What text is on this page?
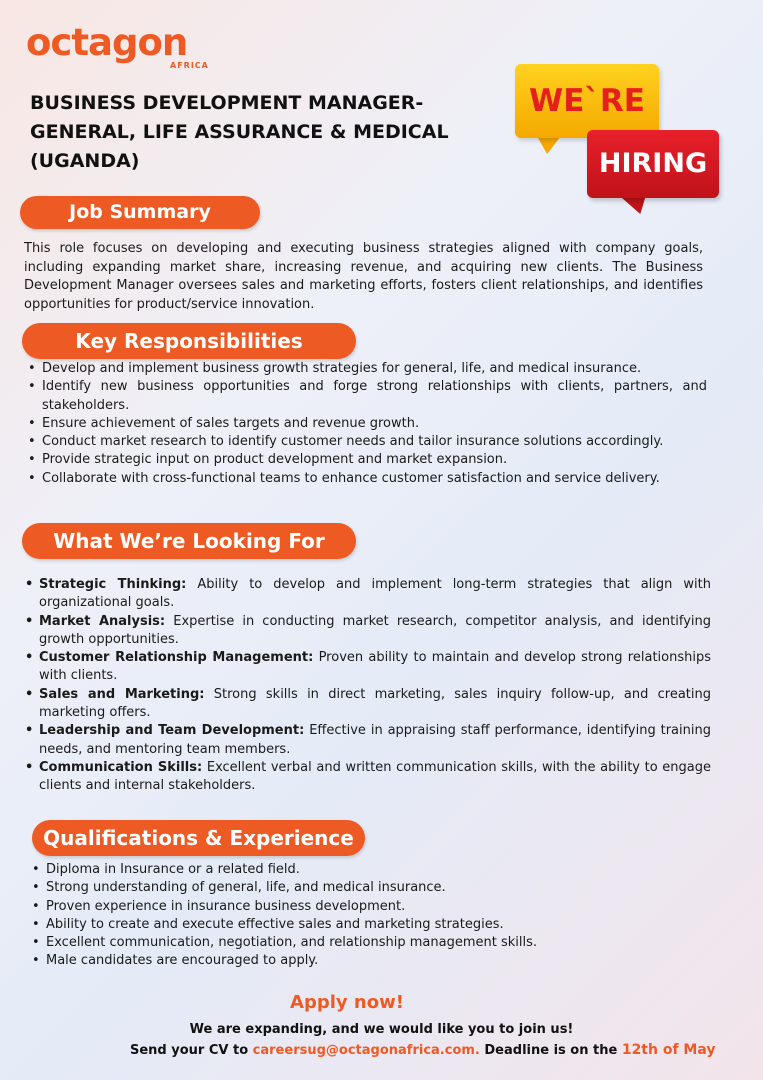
octagon
AFRICA
BUSINESS DEVELOPMENT MANAGER-
GENERAL, LIFE ASSURANCE & MEDICAL
(UGANDA)
WE`RE
HIRING
Job Summary

This role focuses on developing and executing business strategies aligned with company goals, including expanding market share, increasing revenue, and acquiring new clients. The Business Development Manager oversees sales and marketing efforts, fosters client relationships, and identifies opportunities for product/service innovation.

Key Responsibilities
• Develop and implement business growth strategies for general, life, and medical insurance.
• Identify new business opportunities and forge strong relationships with clients, partners, and stakeholders.
• Ensure achievement of sales targets and revenue growth.
• Conduct market research to identify customer needs and tailor insurance solutions accordingly.
• Provide strategic input on product development and market expansion.
• Collaborate with cross-functional teams to enhance customer satisfaction and service delivery.
What We’re Looking For
• Strategic Thinking: Ability to develop and implement long-term strategies that align with organizational goals.
• Market Analysis: Expertise in conducting market research, competitor analysis, and identifying growth opportunities.
• Customer Relationship Management: Proven ability to maintain and develop strong relationships with clients.
• Sales and Marketing: Strong skills in direct marketing, sales inquiry follow-up, and creating marketing offers.
• Leadership and Team Development: Effective in appraising staff performance, identifying training needs, and mentoring team members.
• Communication Skills: Excellent verbal and written communication skills, with the ability to engage clients and internal stakeholders.
Qualifications & Experience
• Diploma in Insurance or a related field.
• Strong understanding of general, life, and medical insurance.
• Proven experience in insurance business development.
• Ability to create and execute effective sales and marketing strategies.
• Excellent communication, negotiation, and relationship management skills.
• Male candidates are encouraged to apply.
Apply now!
We are expanding, and we would like you to join us!
Send your CV to careersug@octagonafrica.com. Deadline is on the 12th of May
